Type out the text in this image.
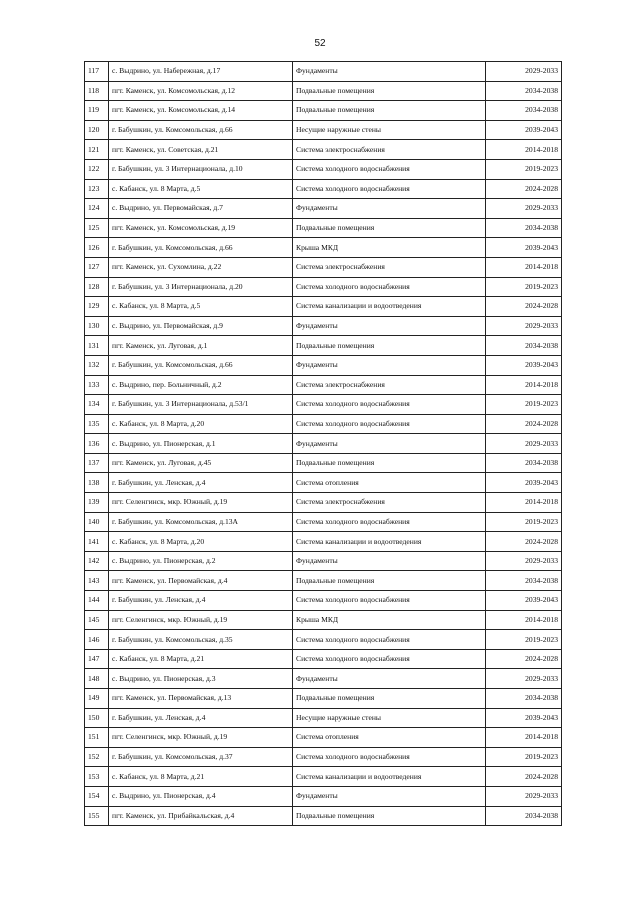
52
117	с. Выдрино, ул. Набережная, д.17	Фундаменты	2029-2033
118	пгт. Каменск, ул. Комсомольская, д.12	Подвальные помещения	2034-2038
119	пгт. Каменск, ул. Комсомольская, д.14	Подвальные помещения	2034-2038
120	г. Бабушкин, ул. Комсомольская, д.66	Несущие наружные стены	2039-2043
121	пгт. Каменск, ул. Советская, д.21	Система электроснабжения	2014-2018
122	г. Бабушкин, ул. 3 Интернационала, д.10	Система холодного водоснабжения	2019-2023
123	с. Кабанск, ул. 8 Марта, д.5	Система холодного водоснабжения	2024-2028
124	с. Выдрино, ул. Первомайская, д.7	Фундаменты	2029-2033
125	пгт. Каменск, ул. Комсомольская, д.19	Подвальные помещения	2034-2038
126	г. Бабушкин, ул. Комсомольская, д.66	Крыша МКД	2039-2043
127	пгт. Каменск, ул. Сухомлина, д.22	Система электроснабжения	2014-2018
128	г. Бабушкин, ул. 3 Интернационала, д.20	Система холодного водоснабжения	2019-2023
129	с. Кабанск, ул. 8 Марта, д.5	Система канализации и водоотведения	2024-2028
130	с. Выдрино, ул. Первомайская, д.9	Фундаменты	2029-2033
131	пгт. Каменск, ул. Луговая, д.1	Подвальные помещения	2034-2038
132	г. Бабушкин, ул. Комсомольская, д.66	Фундаменты	2039-2043
133	с. Выдрино, пер. Больничный, д.2	Система электроснабжения	2014-2018
134	г. Бабушкин, ул. 3 Интернационала, д.53/1	Система холодного водоснабжения	2019-2023
135	с. Кабанск, ул. 8 Марта, д.20	Система холодного водоснабжения	2024-2028
136	с. Выдрино, ул. Пионерская, д.1	Фундаменты	2029-2033
137	пгт. Каменск, ул. Луговая, д.45	Подвальные помещения	2034-2038
138	г. Бабушкин, ул. Ленская, д.4	Система отопления	2039-2043
139	пгт. Селенгинск, мкр. Южный, д.19	Система электроснабжения	2014-2018
140	г. Бабушкин, ул. Комсомольская, д.13А	Система холодного водоснабжения	2019-2023
141	с. Кабанск, ул. 8 Марта, д.20	Система канализации и водоотведения	2024-2028
142	с. Выдрино, ул. Пионерская, д.2	Фундаменты	2029-2033
143	пгт. Каменск, ул. Первомайская, д.4	Подвальные помещения	2034-2038
144	г. Бабушкин, ул. Ленская, д.4	Система холодного водоснабжения	2039-2043
145	пгт. Селенгинск, мкр. Южный, д.19	Крыша МКД	2014-2018
146	г. Бабушкин, ул. Комсомольская, д.35	Система холодного водоснабжения	2019-2023
147	с. Кабанск, ул. 8 Марта, д.21	Система холодного водоснабжения	2024-2028
148	с. Выдрино, ул. Пионерская, д.3	Фундаменты	2029-2033
149	пгт. Каменск, ул. Первомайская, д.13	Подвальные помещения	2034-2038
150	г. Бабушкин, ул. Ленская, д.4	Несущие наружные стены	2039-2043
151	пгт. Селенгинск, мкр. Южный, д.19	Система отопления	2014-2018
152	г. Бабушкин, ул. Комсомольская, д.37	Система холодного водоснабжения	2019-2023
153	с. Кабанск, ул. 8 Марта, д.21	Система канализации и водоотведения	2024-2028
154	с. Выдрино, ул. Пионерская, д.4	Фундаменты	2029-2033
155	пгт. Каменск, ул. Прибайкальская, д.4	Подвальные помещения	2034-2038
